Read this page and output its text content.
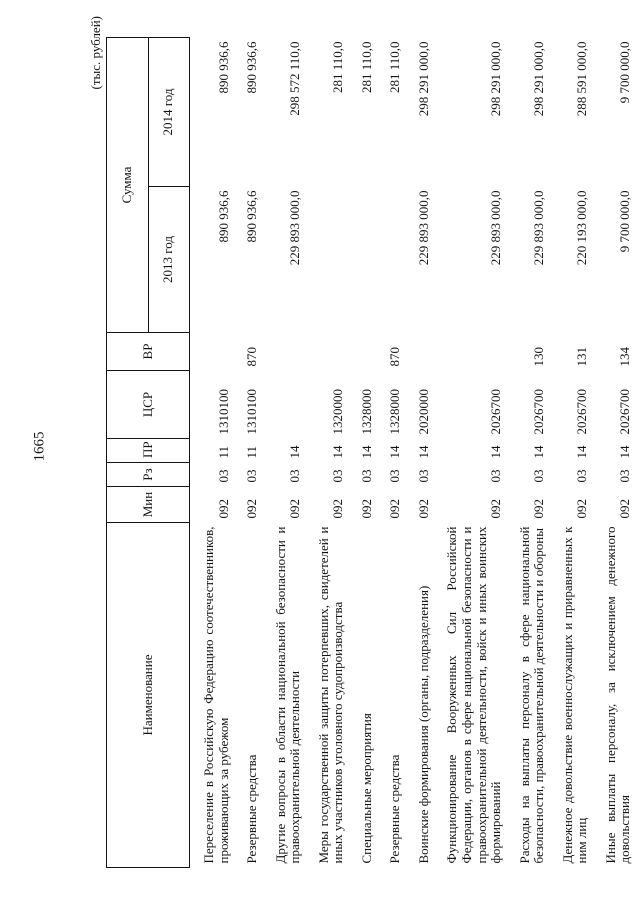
1665
(тыс. рублей)
Наименование	Мин	Рз	ПР	ЦСР	ВР	Сумма	
						2013 год	2014 год

Переселение в Российскую Федерацию соотечественников, проживающих за рубежом	092	03	11	1310100		890 936,6	890 936,6

Резервные средства	092	03	11	1310100	870	890 936,6	890 936,6

Другие вопросы в области национальной безопасности и правоохранительной деятельности	092	03	14			229 893 000,0	298 572 110,0

Меры государственной защиты потерпевших, свидетелей и иных участников уголовного судопроизводства	092	03	14	1320000			281 110,0

Специальные мероприятия	092	03	14	1328000			281 110,0

Резервные средства	092	03	14	1328000	870		281 110,0

Воинские формирования (органы, подразделения)	092	03	14	2020000		229 893 000,0	298 291 000,0

Функционирование Вооруженных Сил Российской Федерации, органов в сфере национальной безопасности и правоохранительной деятельности, войск и иных воинских формирований	092	03	14	2026700		229 893 000,0	298 291 000,0

Расходы на выплаты персоналу в сфере национальной безопасности, правоохранительной деятельности и обороны	092	03	14	2026700	130	229 893 000,0	298 291 000,0

Денежное довольствие военнослужащих и приравненных к ним лиц	092	03	14	2026700	131	220 193 000,0	288 591 000,0

Иные выплаты персоналу, за исключением денежного довольствия	092	03	14	2026700	134	9 700 000,0	9 700 000,0
